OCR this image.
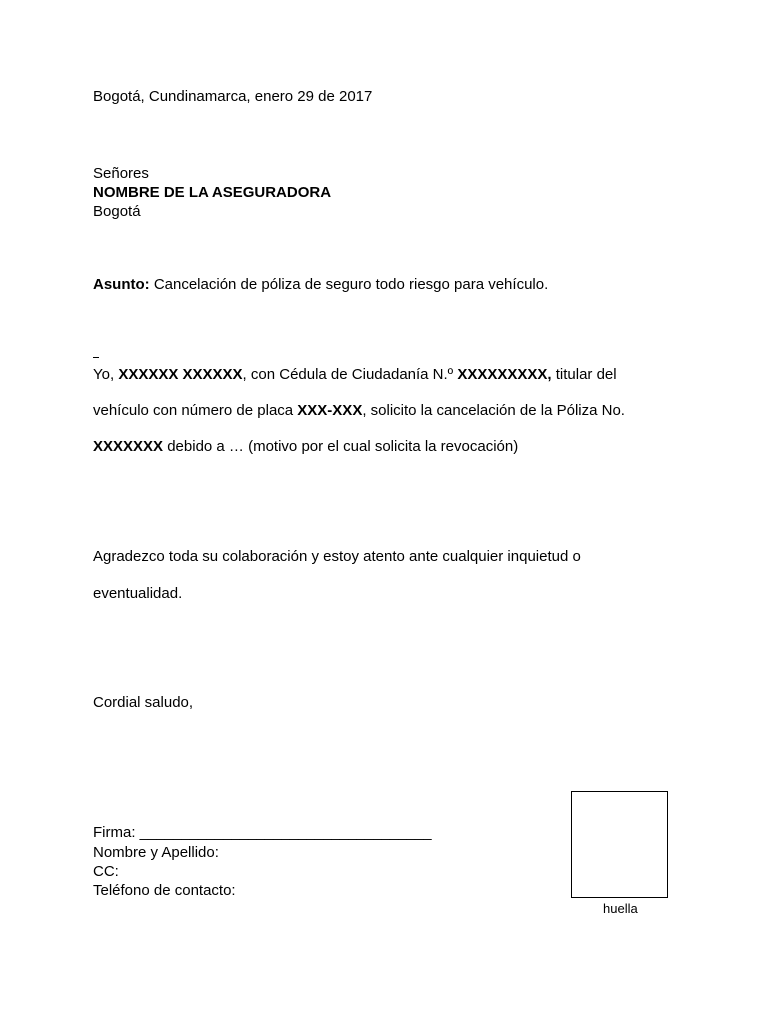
Bogotá, Cundinamarca, enero 29 de 2017
Señores
NOMBRE DE LA ASEGURADORA
Bogotá
Asunto: Cancelación de póliza de seguro todo riesgo para vehículo.
Yo, XXXXXX XXXXXX, con Cédula de Ciudadanía N.º XXXXXXXXX, titular del
vehículo con número de placa XXX-XXX, solicito la cancelación de la Póliza No.
XXXXXXX debido a … (motivo por el cual solicita la revocación)
Agradezco toda su colaboración y estoy atento ante cualquier inquietud o
eventualidad.
Cordial saludo,
Firma: ___________________________________
Nombre y Apellido:
CC:
Teléfono de contacto:
huella
